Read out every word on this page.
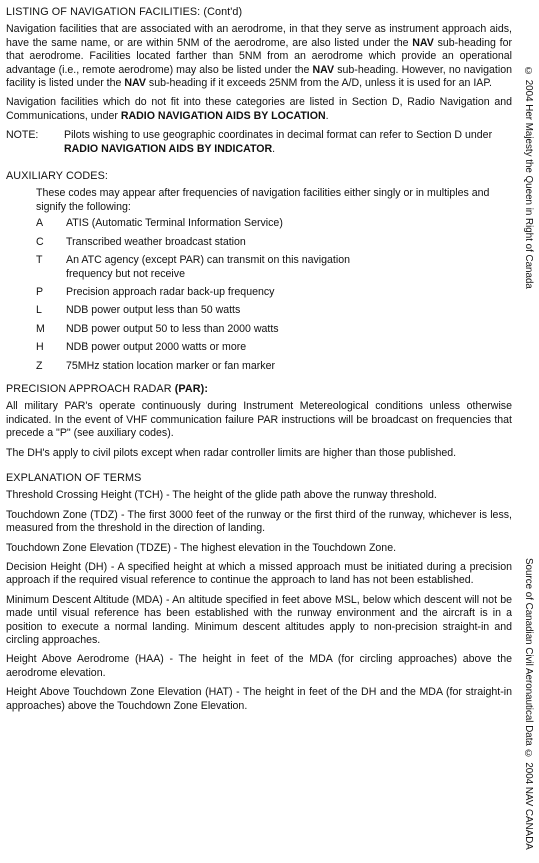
LISTING OF NAVIGATION FACILITIES: (Cont'd)

Navigation facilities that are associated with an aerodrome, in that they serve as instrument approach aids, have the same name, or are within 5NM of the aerodrome, are also listed under the NAV sub-heading for that aerodrome. Facilities located farther than 5NM from an aerodrome which provide an operational advantage (i.e., remote aerodrome) may also be listed under the NAV sub-heading. However, no navigation facility is listed under the NAV sub-heading if it exceeds 25NM from the A/D, unless it is used for an IAP.

Navigation facilities which do not fit into these categories are listed in Section D, Radio Navigation and Communications, under RADIO NAVIGATION AIDS BY LOCATION.

NOTE:	Pilots wishing to use geographic coordinates in decimal format can refer to Section D under RADIO NAVIGATION AIDS BY INDICATOR.
AUXILIARY CODES:
These codes may appear after frequencies of navigation facilities either singly or in multiples and signify the following:
A	ATIS (Automatic Terminal Information Service)
C	Transcribed weather broadcast station
T	An ATC agency (except PAR) can transmit on this navigation frequency but not receive
P	Precision approach radar back-up frequency
L	NDB power output less than 50 watts
M	NDB power output 50 to less than 2000 watts
H	NDB power output 2000 watts or more
Z	75MHz station location marker or fan marker
PRECISION APPROACH RADAR (PAR):

All military PAR's operate continuously during Instrument Metereological conditions unless otherwise indicated. In the event of VHF communication failure PAR instructions will be broadcast on frequencies that precede a "P" (see auxiliary codes).

The DH's apply to civil pilots except when radar controller limits are higher than those published.

EXPLANATION OF TERMS

Threshold Crossing Height (TCH) - The height of the glide path above the runway threshold.

Touchdown Zone (TDZ) - The first 3000 feet of the runway or the first third of the runway, whichever is less, measured from the threshold in the direction of landing.

Touchdown Zone Elevation (TDZE) - The highest elevation in the Touchdown Zone.

Decision Height (DH) - A specified height at which a missed approach must be initiated during a precision approach if the required visual reference to continue the approach to land has not been established.

Minimum Descent Altitude (MDA) - An altitude specified in feet above MSL, below which descent will not be made until visual reference has been established with the runway environment and the aircraft is in a position to execute a normal landing. Minimum descent altitudes apply to non-precision straight-in and circling approaches.

Height Above Aerodrome (HAA) - The height in feet of the MDA (for circling approaches) above the aerodrome elevation.

Height Above Touchdown Zone Elevation (HAT) - The height in feet of the DH and the MDA (for straight-in approaches) above the Touchdown Zone Elevation.

© 2004 Her Majesty the Queen in Right of Canada
Source of Canadian Civil Aeronautical Data © 2004 NAV CANADA
